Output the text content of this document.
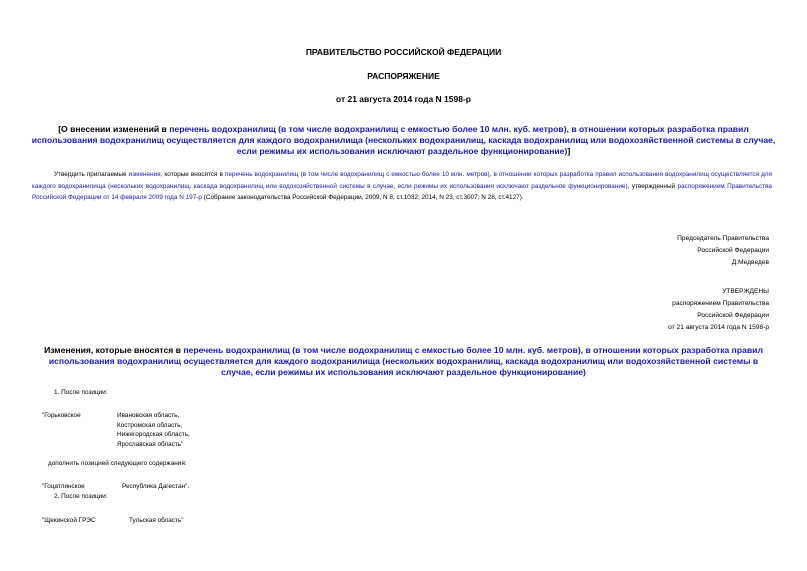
ПРАВИТЕЛЬСТВО РОССИЙСКОЙ ФЕДЕРАЦИИ
РАСПОРЯЖЕНИЕ
от 21 августа 2014 года N 1598-р
[О внесении изменений в перечень водохранилищ (в том числе водохранилищ с емкостью более 10 млн. куб. метров), в отношении которых разработка правил использования водохранилищ осуществляется для каждого водохранилища (нескольких водохранилищ, каскада водохранилищ или водохозяйственной системы в случае, если режимы их использования исключают раздельное функционирование)]
Утвердить прилагаемые изменения, которые вносятся в перечень водохранилищ (в том числе водохранилищ с емкостью более 10 млн. метров), в отношении которых разработка правил использования водохранилищ осуществляется для каждого водохранилища (нескольких водохранилищ, каскада водохранилищ или водохозяйственной системы в случае, если режимы их использования исключают раздельное функционирование), утвержденный распоряжением Правительства Российской Федерации от 14 февраля 2009 года N 197-р (Собрание законодательства Российской Федерации, 2009, N 8, ст.1032; 2014, N 23, ст.3007; N 28, ст.4127).
Председатель Правительства
Российской Федерации
Д.Медведев
УТВЕРЖДЕНЫ
распоряжением Правительства
Российской Федерации
от 21 августа 2014 года N 1598-р
Изменения, которые вносятся в перечень водохранилищ (в том числе водохранилищ с емкостью более 10 млн. куб. метров), в отношении которых разработка правил использования водохранилищ осуществляется для каждого водохранилища (нескольких водохранилищ, каскада водохранилищ или водохозяйственной системы в случае, если режимы их использования исключают раздельное функционирование)
1. После позиции:
"Горьковское	Ивановская область,
Костромская область,
Нижегородская область,
Ярославская область"
дополнить позицией следующего содержания:
"Гоцатлинское	Республика Дагестан".
2. После позиции:
"Щекинской ГРЭС	Тульская область"
